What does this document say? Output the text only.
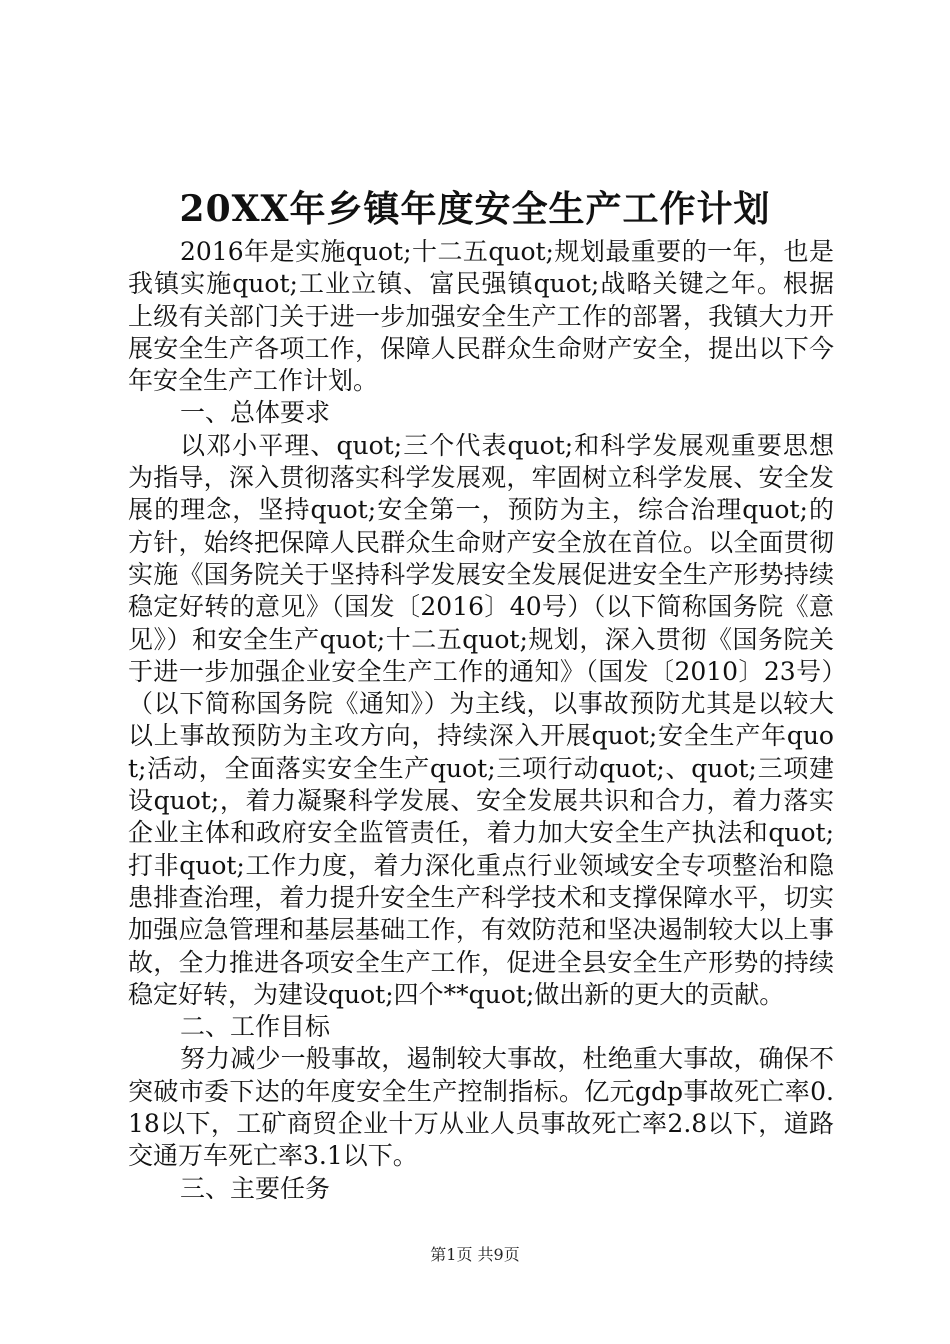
20XX年乡镇年度安全生产工作计划

2016年是实施quot;十二五quot;规划最重要的一年，也是我镇实施quot;工业立镇、富民强镇quot;战略关键之年。根据上级有关部门关于进一步加强安全生产工作的部署，我镇大力开展安全生产各项工作，保障人民群众生命财产安全，提出以下今年安全生产工作计划。

一、总体要求

以邓小平理、quot;三个代表quot;和科学发展观重要思想为指导，深入贯彻落实科学发展观，牢固树立科学发展、安全发展的理念，坚持quot;安全第一，预防为主，综合治理quot;的方针，始终把保障人民群众生命财产安全放在首位。以全面贯彻实施《国务院关于坚持科学发展安全发展促进安全生产形势持续稳定好转的意见》（国发〔2016〕40号）（以下简称国务院《意见》）和安全生产quot;十二五quot;规划，深入贯彻《国务院关于进一步加强企业安全生产工作的通知》（国发〔2010〕23号）（以下简称国务院《通知》）为主线，以事故预防尤其是以较大以上事故预防为主攻方向，持续深入开展quot;安全生产年quot;活动，全面落实安全生产quot;三项行动quot;、quot;三项建设quot;，着力凝聚科学发展、安全发展共识和合力，着力落实企业主体和政府安全监管责任，着力加大安全生产执法和quot;打非quot;工作力度，着力深化重点行业领域安全专项整治和隐患排查治理，着力提升安全生产科学技术和支撑保障水平，切实加强应急管理和基层基础工作，有效防范和坚决遏制较大以上事故，全力推进各项安全生产工作，促进全县安全生产形势的持续稳定好转，为建设quot;四个**quot;做出新的更大的贡献。

二、工作目标

努力减少一般事故，遏制较大事故，杜绝重大事故，确保不突破市委下达的年度安全生产控制指标。亿元gdp事故死亡率0.18以下，工矿商贸企业十万从业人员事故死亡率2.8以下，道路交通万车死亡率3.1以下。

三、主要任务

第1页 共9页
